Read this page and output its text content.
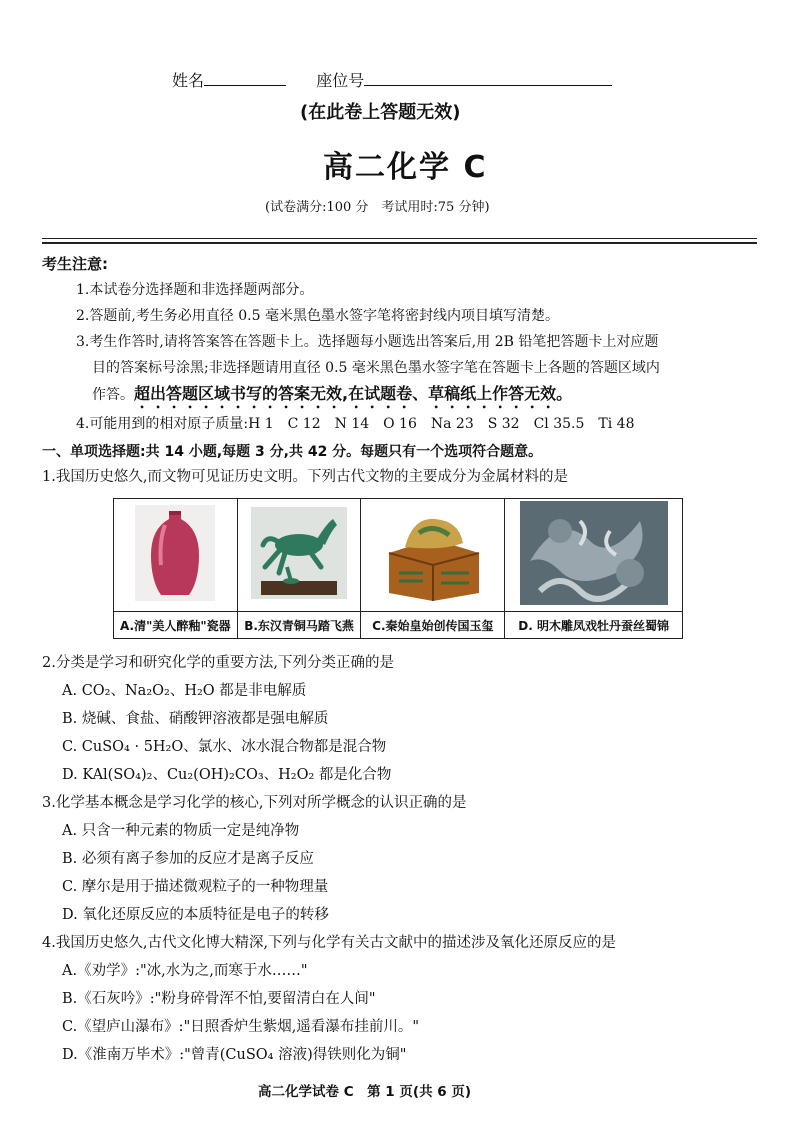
姓名	座位号
(在此卷上答题无效)
高二化学 C
(试卷满分:100 分　考试用时:75 分钟)
考生注意:
1.本试卷分选择题和非选择题两部分。
2.答题前,考生务必用直径 0.5 毫米黑色墨水签字笔将密封线内项目填写清楚。
3.考生作答时,请将答案答在答题卡上。选择题每小题选出答案后,用 2B 铅笔把答题卡上对应题
目的答案标号涂黑;非选择题请用直径 0.5 毫米黑色墨水签字笔在答题卡上各题的答题区域内
作答。超出答题区域书写的答案无效,在试题卷、草稿纸上作答无效。
4.可能用到的相对原子质量:H 1　C 12　N 14　O 16　Na 23　S 32　Cl 35.5　Ti 48
一、单项选择题:共 14 小题,每题 3 分,共 42 分。每题只有一个选项符合题意。
1.我国历史悠久,而文物可见证历史文明。下列古代文物的主要成分为金属材料的是

A.清"美人醉釉"瓷器	B.东汉青铜马踏飞燕	C.秦始皇始创传国玉玺	D. 明木雕凤戏牡丹蚕丝蜀锦
2.分类是学习和研究化学的重要方法,下列分类正确的是
A. CO₂、Na₂O₂、H₂O 都是非电解质
B. 烧碱、食盐、硝酸钾溶液都是强电解质
C. CuSO₄ · 5H₂O、氯水、冰水混合物都是混合物
D. KAl(SO₄)₂、Cu₂(OH)₂CO₃、H₂O₂ 都是化合物
3.化学基本概念是学习化学的核心,下列对所学概念的认识正确的是
A. 只含一种元素的物质一定是纯净物
B. 必须有离子参加的反应才是离子反应
C. 摩尔是用于描述微观粒子的一种物理量
D. 氧化还原反应的本质特征是电子的转移
4.我国历史悠久,古代文化博大精深,下列与化学有关古文献中的描述涉及氧化还原反应的是
A.《劝学》:"冰,水为之,而寒于水……"
B.《石灰吟》:"粉身碎骨浑不怕,要留清白在人间"
C.《望庐山瀑布》:"日照香炉生紫烟,遥看瀑布挂前川。"
D.《淮南万毕术》:"曾青(CuSO₄ 溶液)得铁则化为铜"
高二化学试卷 C　第 1 页(共 6 页)
